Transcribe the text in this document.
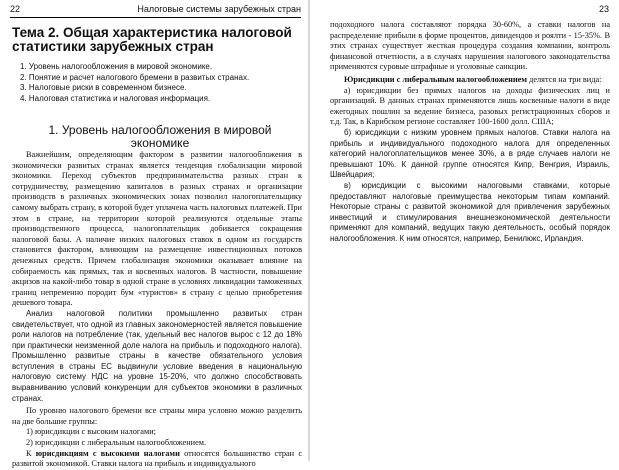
22	Налоговые системы зарубежных стран
Тема 2. Общая характеристика налоговой статистики зарубежных стран
1. Уровень налогообложения в мировой экономике.
2. Понятие и расчет налогового бремени в развитых странах.
3. Налоговые риски в современном бизнесе.
4. Налоговая статистика и налоговая информация.
1. Уровень налогообложения в мировой экономике

Важнейшим, определяющим фактором в развитии налогообложения в экономически развитых странах является тенденция глобализации мировой экономики. Переход субъектов предпринимательства разных стран к сотрудничеству, размещению капиталов в разных странах и организации производств в различных экономических зонах позволил налогоплательщику самому выбрать страну, в которой будет уплачена часть налоговых платежей. При этом в стране, на территории которой реализуются отдельные этапы производственного процесса, налогоплательщик добивается сокращения налоговой базы. А наличие низких налоговых ставок в одном из государств становится фактором, влияющим на размещение инвестиционных потоков денежных средств. Причем глобализация экономики оказывает влияние на собираемость как прямых, так и косвенных налогов. В частности, повышение акцизов на какой-либо товар в одной стране в условиях ликвидации таможенных границ непременно породит бум «туристов» в страну с целью приобретения дешевого товара.

Анализ налоговой политики промышленно развитых стран свидетельствует, что одной из главных закономерностей является повышение роли налогов на потребление (так, удельный вес налогов вырос с 12 до 18% при практически неизменной доле налога на прибыль и подоходного налога). Промышленно развитые страны в качестве обязательного условия вступления в страны ЕС выдвинули условие введения в национальную налоговую систему НДС на уровне 15-20%, что должно способствовать выравниванию условий конкуренции для субъектов экономики в различных странах.

По уровню налогового бремени все страны мира условно можно разделить на две большие группы:

1) юрисдикции с высоким налогами;

2) юрисдикции с либеральным налогообложением.

К юрисдикциям с высокими налогами относятся большинство стран с развитой экономикой. Ставки налога на прибыль и индивидуального

23

подоходного налога составляют порядка 30-60%, а ставки налогов на распределение прибыли в форме процентов, дивидендов и роялти - 15-35%. В этих странах существует жесткая процедура создания компании, контроль финансовой отчетности, а в случаях нарушения налогового законодательства применяются суровые штрафные и уголовные санкции.

Юрисдикции с либеральным налогообложением делятся на три вида:

а) юрисдикции без прямых налогов на доходы физических лиц и организаций. В данных странах применяются лишь косвенные налоги в виде ежегодных пошлин за ведение бизнеса, разовых регистрационных сборов и т.д. Так, в Карибском регионе составляет 100-1600 долл. США;

б) юрисдикции с низким уровнем прямых налогов. Ставки налога на прибыль и индивидуального подоходного налога для определенных категорий налогоплательщиков менее 30%, а в ряде случаев налоги не превышают 10%. К данной группе относятся Кипр, Венгрия, Израиль, Швейцария;

в) юрисдикции с высокими налоговыми ставками, которые предоставляют налоговые преимущества некоторым типам компаний. Некоторые страны с развитой экономикой для привлечения зарубежных инвестиций и стимулирования внешнеэкономической деятельности применяют для компаний, ведущих такую деятельность, особый порядок налогообложения. К ним относятся, например, Бенилюкс, Ирландия.
